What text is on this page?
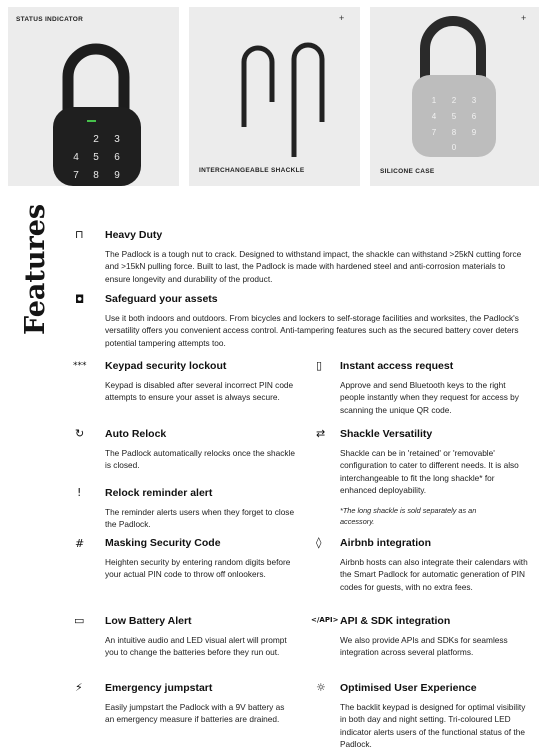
STATUS INDICATOR
2 3
4 5 6
7 8 9
+
INTERCHANGEABLE SHACKLE
+
1 2 3
4 5 6
7 8 9
0
SILICONE CASE
Features ⊓ Heavy Duty
The Padlock is a tough nut to crack. Designed to withstand impact, the shackle can withstand >25kN cutting force and >15kN pulling force. Built to last, the Padlock is made with hardened steel and anti-corrosion materials to ensure longevity and durability of the product.
◘ Safeguard your assets
Use it both indoors and outdoors. From bicycles and lockers to self-storage facilities and worksites, the Padlock's versatility offers you convenient access control. Anti-tampering features such as the secured battery cover deters potential tampering attempts too.
*** Keypad security lockout
Keypad is disabled after several incorrect PIN code attempts to ensure your asset is always secure.
↻ Auto Relock
The Padlock automatically relocks once the shackle is closed.
! Relock reminder alert
The reminder alerts users when they forget to close the Padlock.
# Masking Security Code
Heighten security by entering random digits before your actual PIN code to throw off onlookers.
▭ Low Battery Alert
An intuitive audio and LED visual alert will prompt you to change the batteries before they run out.
⚡ Emergency jumpstart
Easily jumpstart the Padlock with a 9V battery as an emergency measure if batteries are drained.
▯ Instant access request
Approve and send Bluetooth keys to the right people instantly when they request for access by scanning the unique QR code.
⇄ Shackle Versatility
Shackle can be in 'retained' or 'removable' configuration to cater to different needs. It is also interchangeable to fit the long shackle* for enhanced deployability.
*The long shackle is sold separately as an accessory.
◊ Airbnb integration
Airbnb hosts can also integrate their calendars with the Smart Padlock for automatic generation of PIN codes for guests, with no extra fees.
</API> API & SDK integration
We also provide APIs and SDKs for seamless integration across several platforms.
☼ Optimised User Experience
The backlit keypad is designed for optimal visibility in both day and night setting. Tri-coloured LED indicator alerts users of the functional status of the Padlock.
